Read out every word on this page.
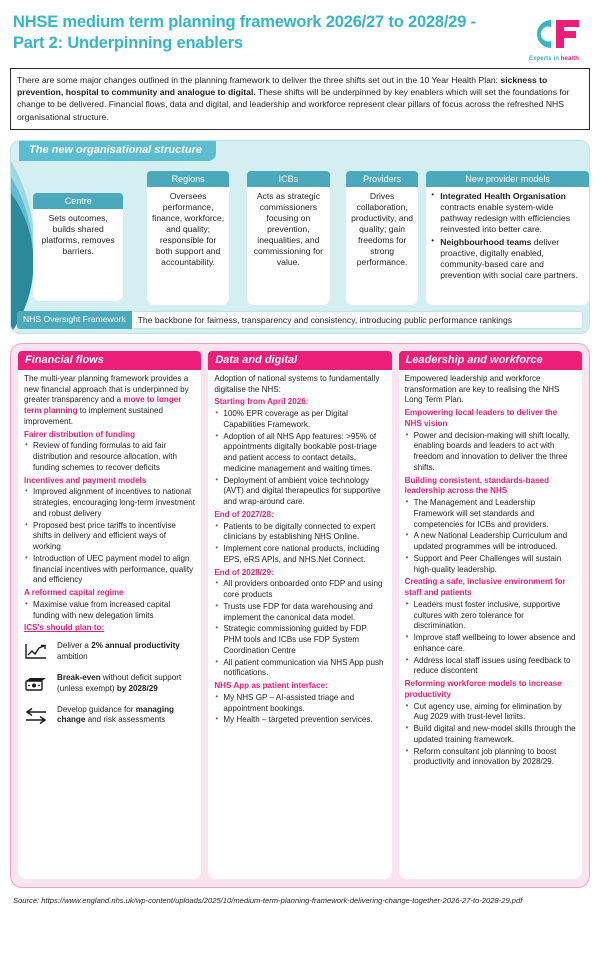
NHSE medium term planning framework 2026/27 to 2028/29 - Part 2: Underpinning enablers
Experts in health
There are some major changes outlined in the planning framework to deliver the three shifts set out in the 10 Year Health Plan: sickness to prevention, hospital to community and analogue to digital. These shifts will be underpinned by key enablers which will set the foundations for change to be delivered. Financial flows, data and digital, and leadership and workforce represent clear pillars of focus across the refreshed NHS organisational structure.
The new organisational structure
Centre
Sets outcomes, builds shared platforms, removes barriers.
Regions
Oversees performance, finance, workforce, and quality; responsible for both support and accountability.
ICBs
Acts as strategic commissioners focusing on prevention, inequalities, and commissioning for value.
Providers
Drives collaboration, productivity, and quality; gain freedoms for strong performance.
New provider models
• Integrated Health Organisation contracts enable system-wide pathway redesign with efficiencies reinvested into better care.
• Neighbourhood teams deliver proactive, digitally enabled, community-based care and prevention with social care partners.
NHS Oversight Framework	The backbone for fairness, transparency and consistency, introducing public performance rankings
Financial flows

The multi-year planning framework provides a new financial approach that is underpinned by greater transparency and a move to longer term planning to implement sustained improvement.

Fairer distribution of funding
• Review of funding formulas to aid fair distribution and resource allocation, with funding schemes to recover deficits
Incentives and payment models
• Improved alignment of incentives to national strategies, encouraging long-term investment and robust delivery
• Proposed best price tariffs to incentivise shifts in delivery and efficient ways of working
• Introduction of UEC payment model to align financial incentives with performance, quality and efficiency
A reformed capital regime
• Maximise value from increased capital funding with new delegation limits
ICS's should plan to:
Deliver a 2% annual productivity ambition
Break-even without deficit support (unless exempt) by 2028/29
Develop guidance for managing change and risk assessments
Data and digital

Adoption of national systems to fundamentally digitalise the NHS:

Starting from April 2026:
• 100% EPR coverage as per Digital Capabilities Framework.
• Adoption of all NHS App features: >95% of appointments digitally bookable post-triage and patient access to contact details, medicine management and waiting times.
• Deployment of ambient voice technology (AVT) and digital therapeutics for supportive and wrap-around care.
End of 2027/28:
• Patients to be digitally connected to expert clinicians by establishing NHS Online.
• Implement core national products, including EPS, eRS APIs, and NHS.Net Connect.
End of 2028/29:
• All providers onboarded onto FDP and using core products
• Trusts use FDP for data warehousing and implement the canonical data model.
• Strategic commissioning guided by FDP PHM tools and ICBs use FDP System Coordination Centre
• All patient communication via NHS App push notifications.
NHS App as patient interface:
• My NHS GP – AI-assisted triage and appointment bookings.
• My Health – targeted prevention services.
Leadership and workforce

Empowered leadership and workforce transformation are key to realising the NHS Long Term Plan.

Empowering local leaders to deliver the NHS vision
• Power and decision-making will shift locally, enabling boards and leaders to act with freedom and innovation to deliver the three shifts.
Building consistent, standards-based leadership across the NHS
• The Management and Leadership Framework will set standards and competencies for ICBs and providers.
• A new National Leadership Curriculum and updated programmes will be introduced.
• Support and Peer Challenges will sustain high-quality leadership.
Creating a safe, inclusive environment for staff and patients
• Leaders must foster inclusive, supportive cultures with zero tolerance for discrimination.
• Improve staff wellbeing to lower absence and enhance care.
• Address local staff issues using feedback to reduce discontent
Reforming workforce models to increase productivity
• Cut agency use, aiming for elimination by Aug 2029 with trust-level limits.
• Build digital and new-model skills through the updated training framework.
• Reform consultant job planning to boost productivity and innovation by 2028/29.
Source: https://www.england.nhs.uk/wp-content/uploads/2025/10/medium-term-planning-framework-delivering-change-together-2026-27-to-2028-29.pdf
